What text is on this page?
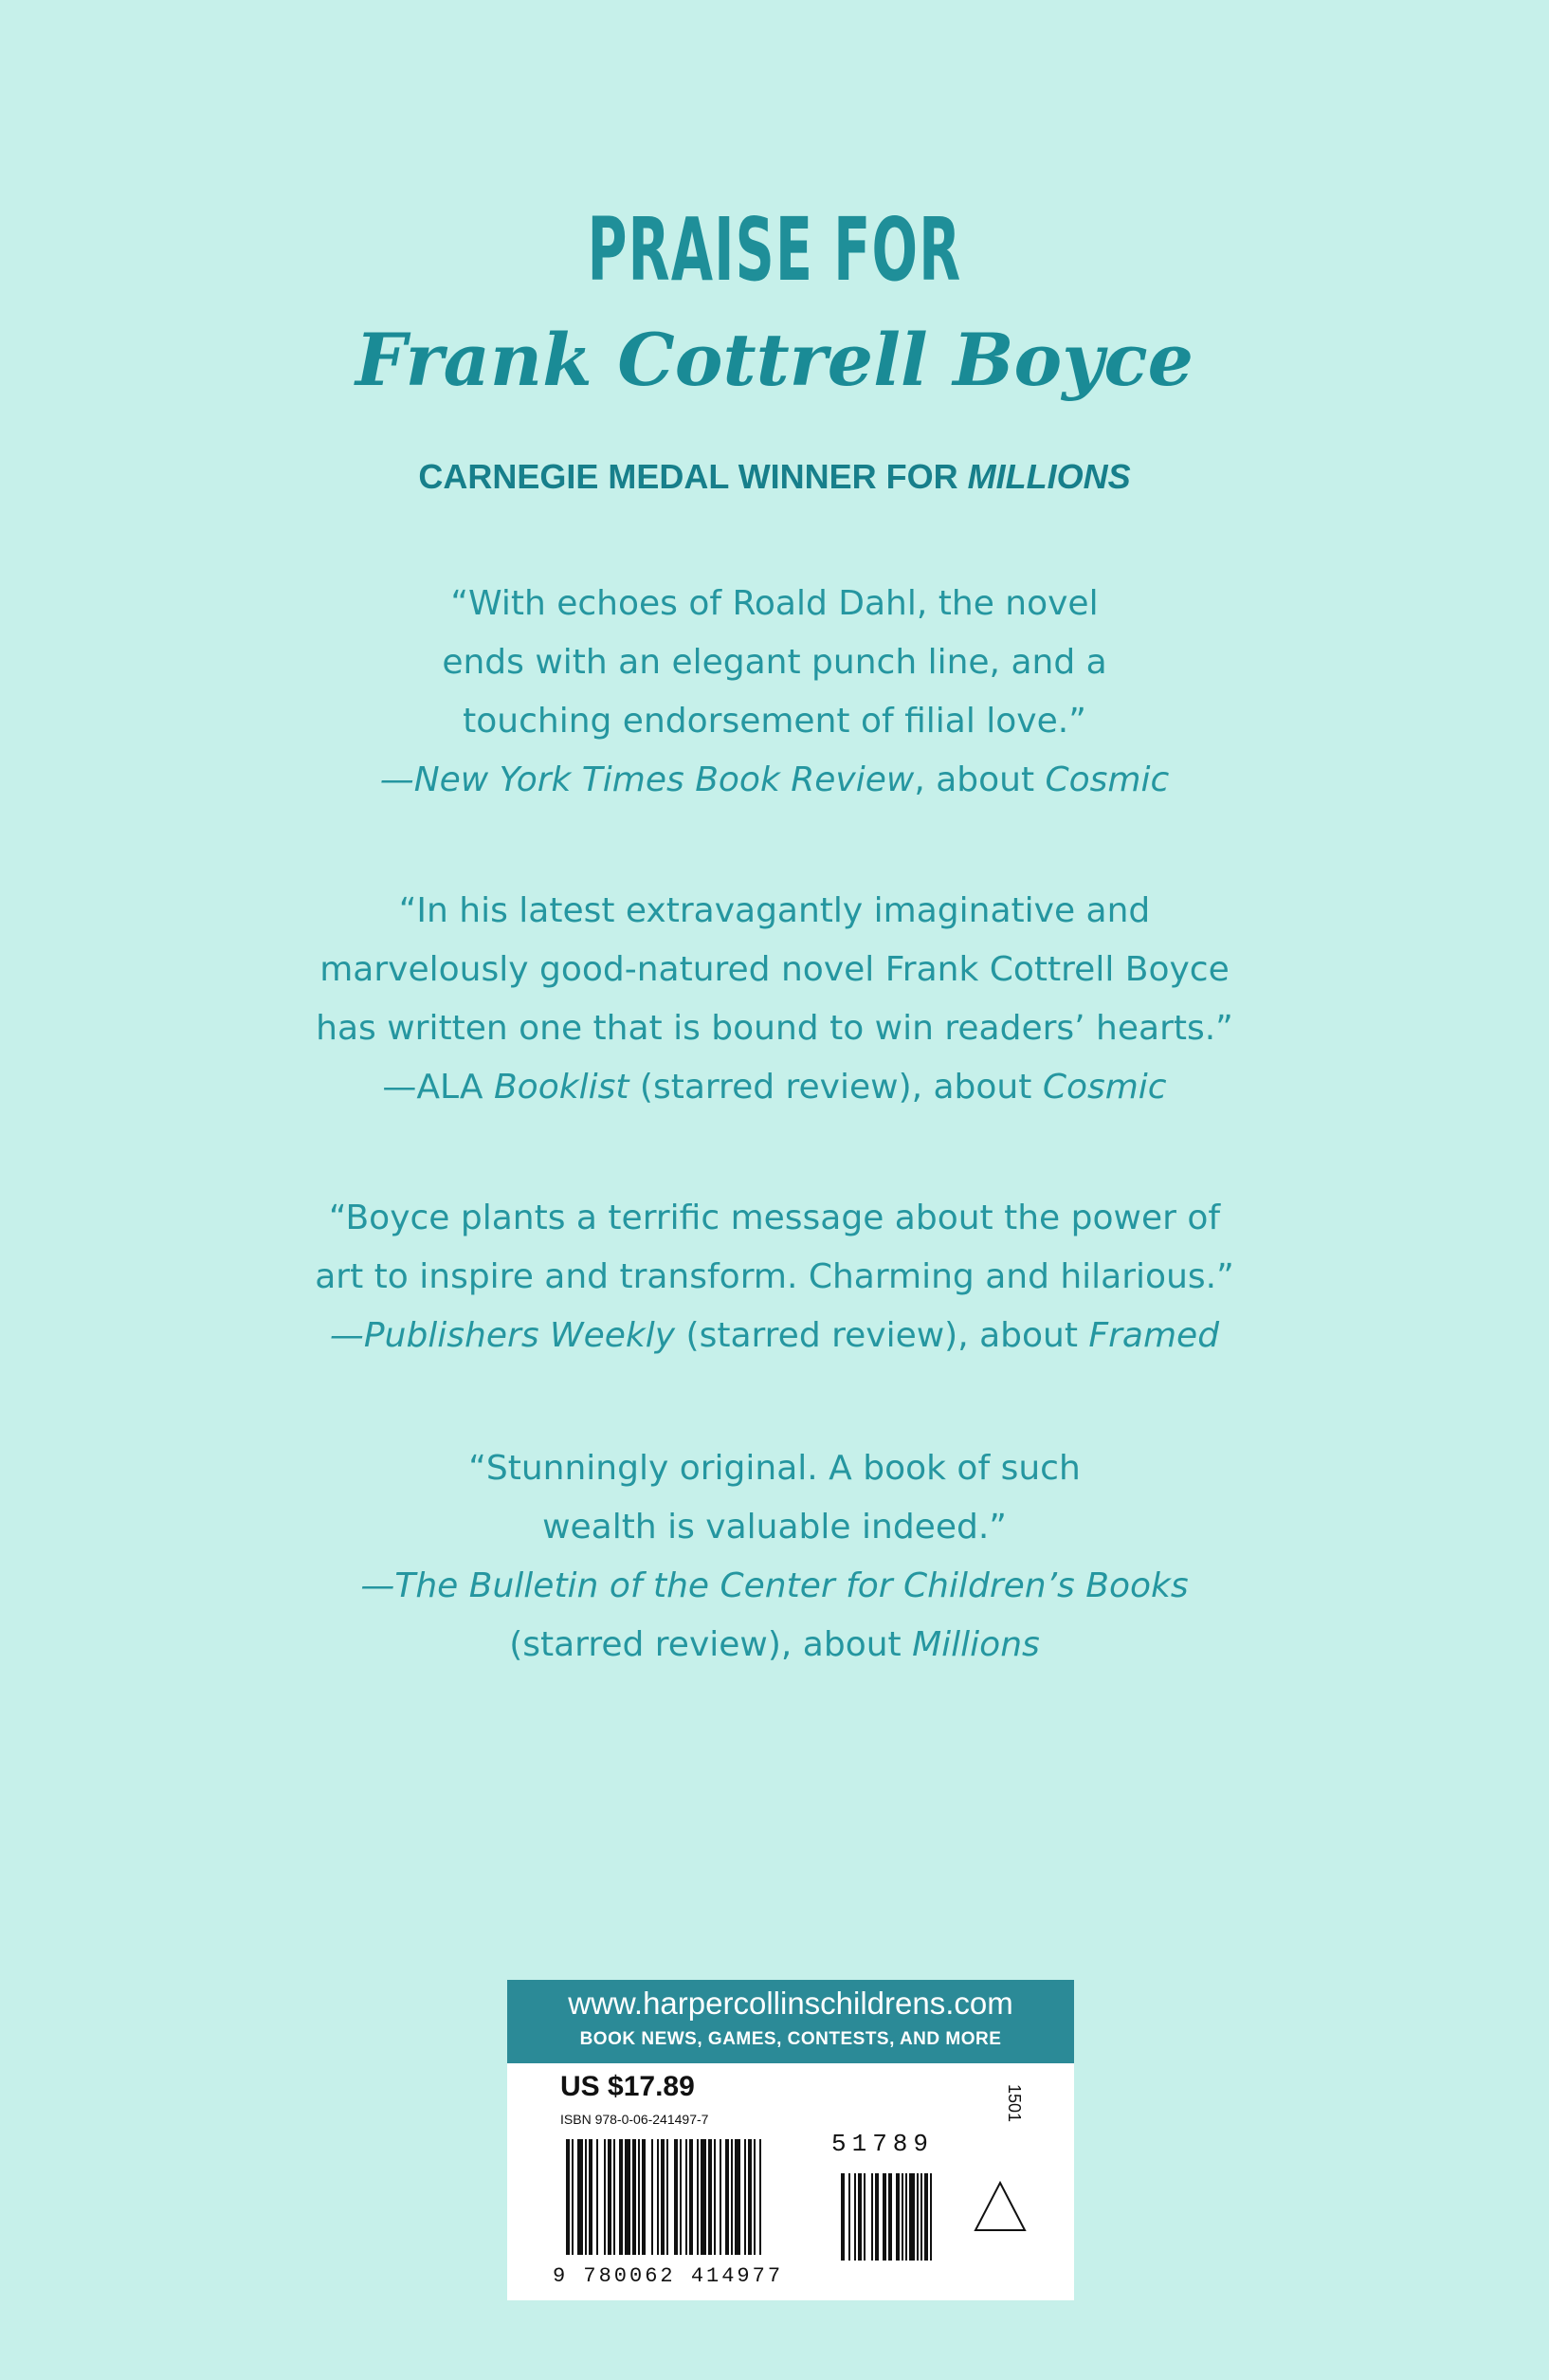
PRAISE FOR
Frank Cottrell Boyce
CARNEGIE MEDAL WINNER FOR MILLIONS
“With echoes of Roald Dahl, the novel
ends with an elegant punch line, and a
touching endorsement of filial love.”
—New York Times Book Review, about Cosmic
“In his latest extravagantly imaginative and
marvelously good-natured novel Frank Cottrell Boyce
has written one that is bound to win readers’ hearts.”
—ALA Booklist (starred review), about Cosmic
“Boyce plants a terrific message about the power of
art to inspire and transform. Charming and hilarious.”
—Publishers Weekly (starred review), about Framed
“Stunningly original. A book of such
wealth is valuable indeed.”
—The Bulletin of the Center for Children’s Books
(starred review), about Millions
www.harpercollinschildrens.com
BOOK NEWS, GAMES, CONTESTS, AND MORE
US $17.89
ISBN 978-0-06-241497-7	1501
51789
9 780062 414977
